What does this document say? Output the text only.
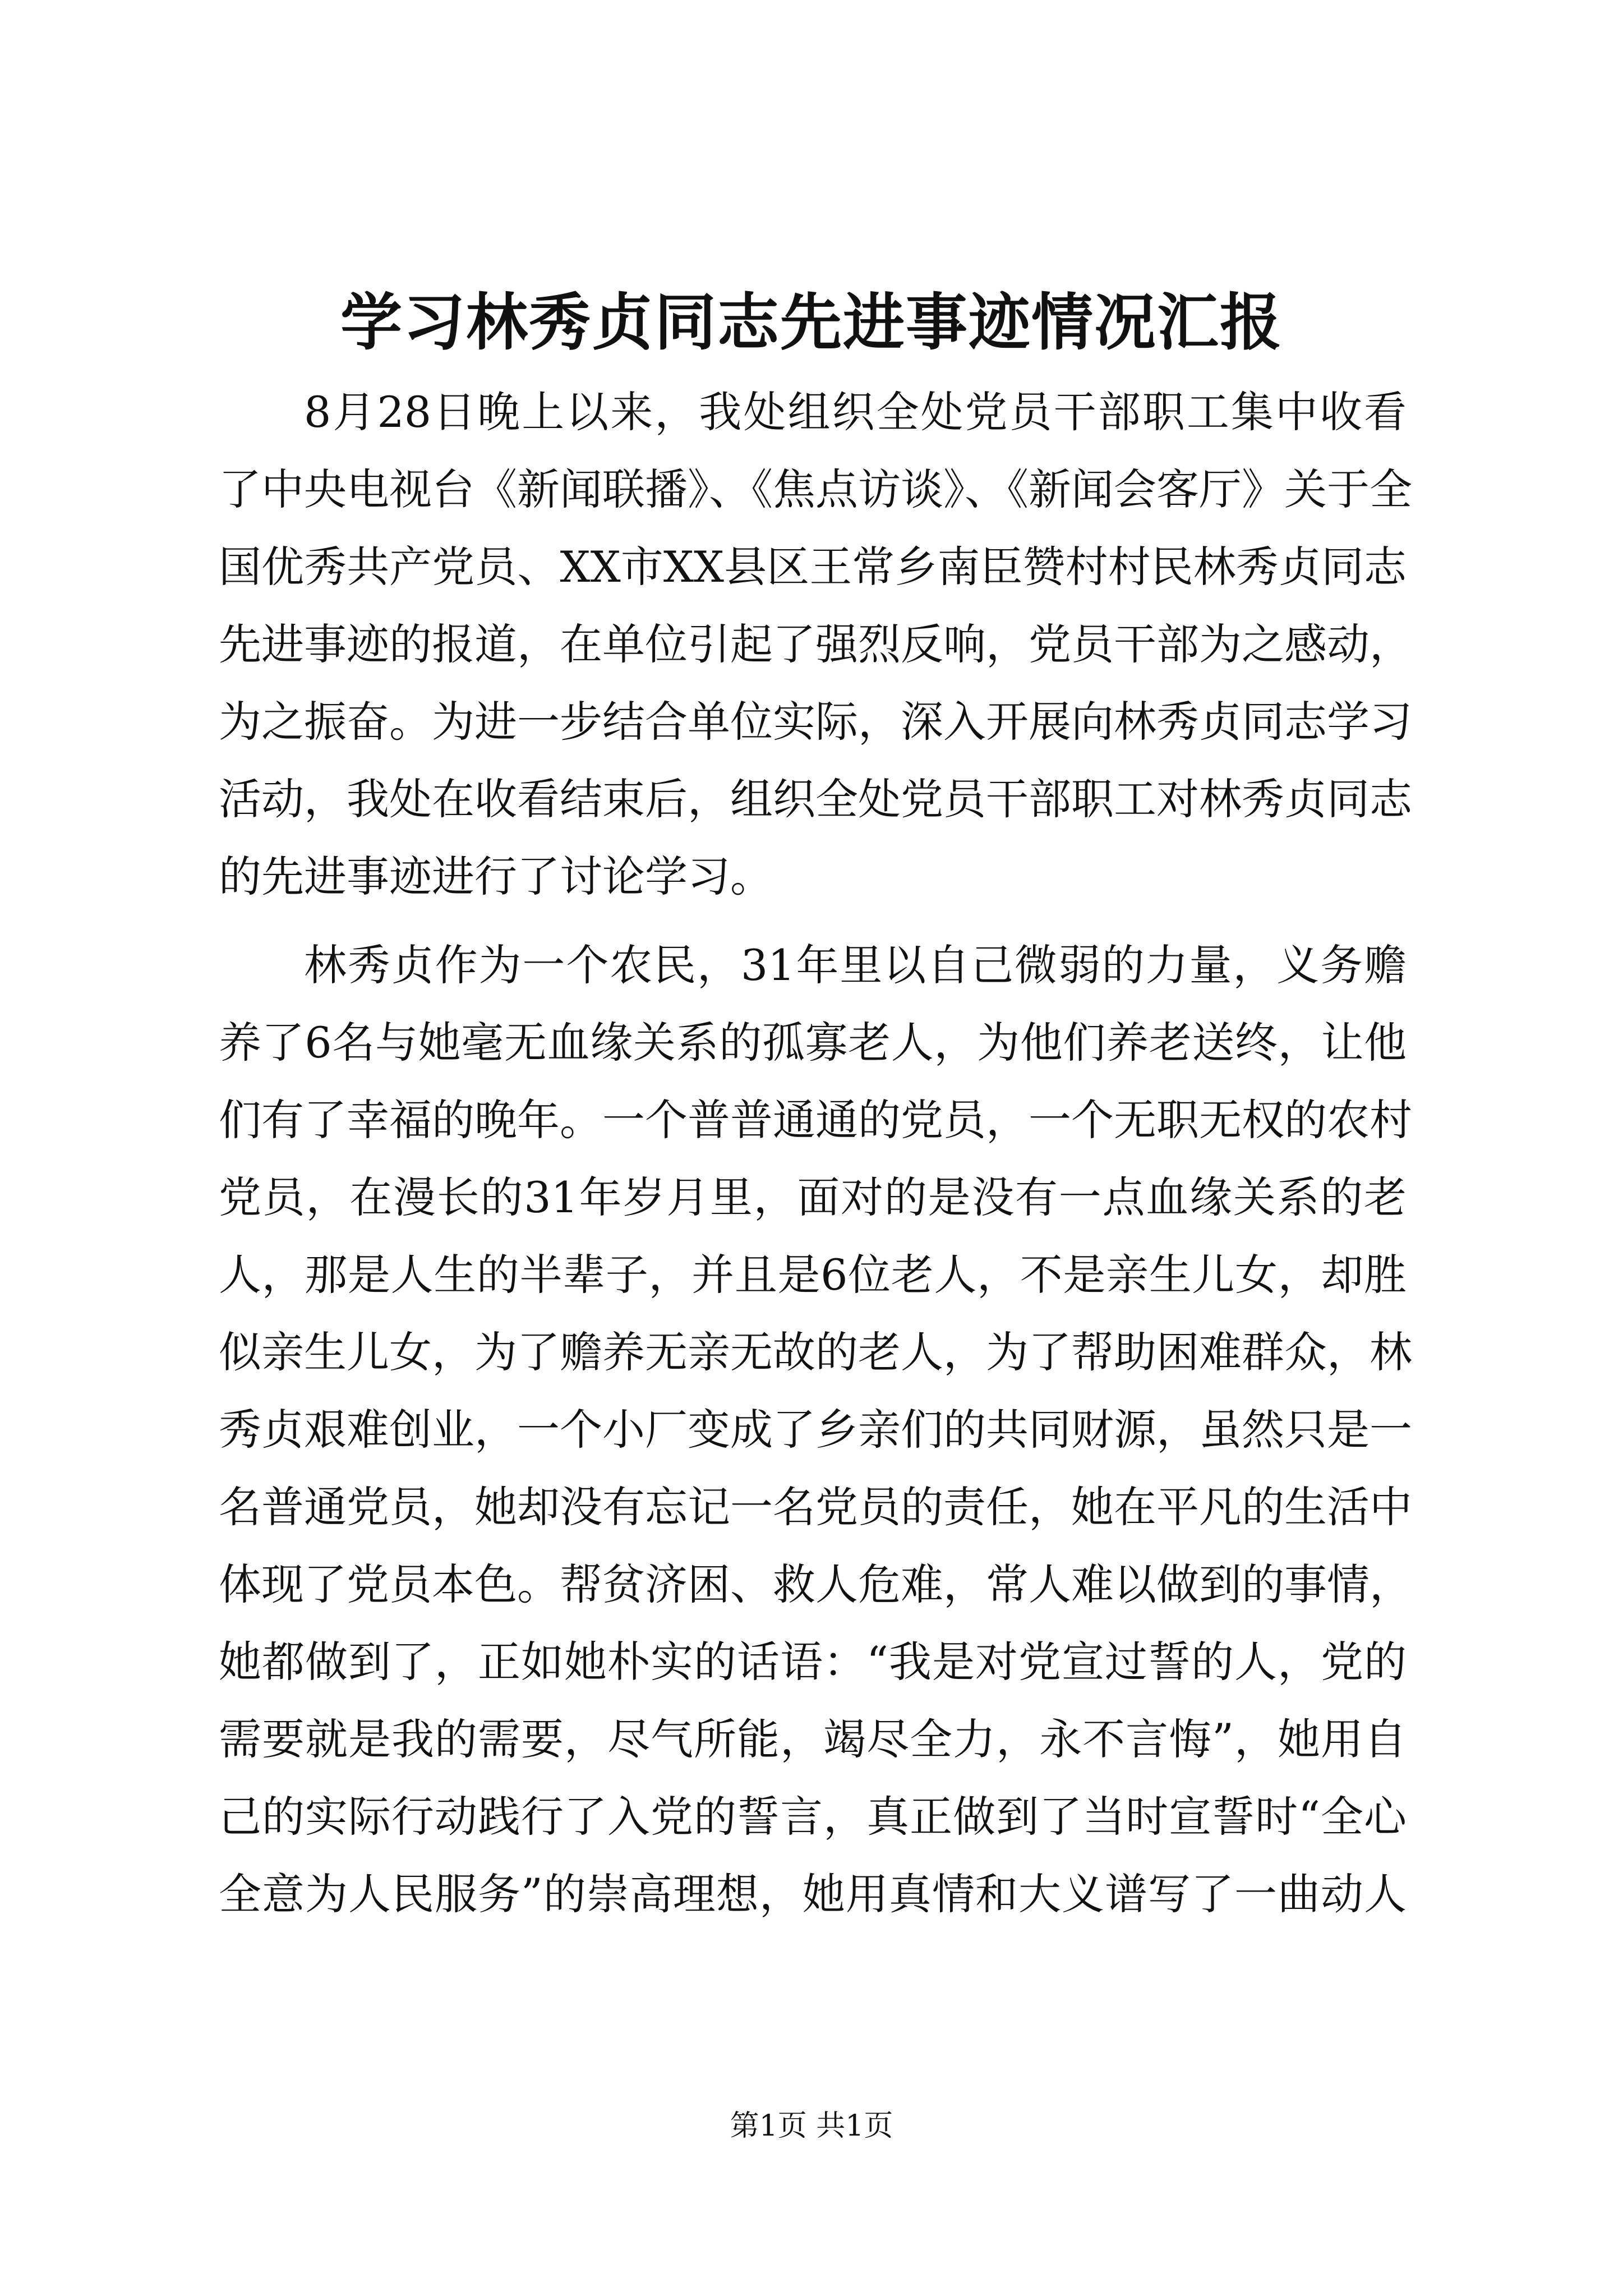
学习林秀贞同志先进事迹情况汇报
8月28日晚上以来，我处组织全处党员干部职工集中收看
了中央电视台《新闻联播》、《焦点访谈》、《新闻会客厅》关于全
国优秀共产党员、XX市XX县区王常乡南臣赞村村民林秀贞同志
先进事迹的报道，在单位引起了强烈反响，党员干部为之感动，
为之振奋。为进一步结合单位实际，深入开展向林秀贞同志学习
活动，我处在收看结束后，组织全处党员干部职工对林秀贞同志
的先进事迹进行了讨论学习。
林秀贞作为一个农民，31年里以自己微弱的力量，义务赡
养了6名与她毫无血缘关系的孤寡老人，为他们养老送终，让他
们有了幸福的晚年。一个普普通通的党员，一个无职无权的农村
党员，在漫长的31年岁月里，面对的是没有一点血缘关系的老
人，那是人生的半辈子，并且是6位老人，不是亲生儿女，却胜
似亲生儿女，为了赡养无亲无故的老人，为了帮助困难群众，林
秀贞艰难创业，一个小厂变成了乡亲们的共同财源，虽然只是一
名普通党员，她却没有忘记一名党员的责任，她在平凡的生活中
体现了党员本色。帮贫济困、救人危难，常人难以做到的事情，
她都做到了，正如她朴实的话语：“我是对党宣过誓的人，党的
需要就是我的需要，尽气所能，竭尽全力，永不言悔”，她用自
己的实际行动践行了入党的誓言，真正做到了当时宣誓时“全心
全意为人民服务”的崇高理想，她用真情和大义谱写了一曲动人
第1页 共1页
